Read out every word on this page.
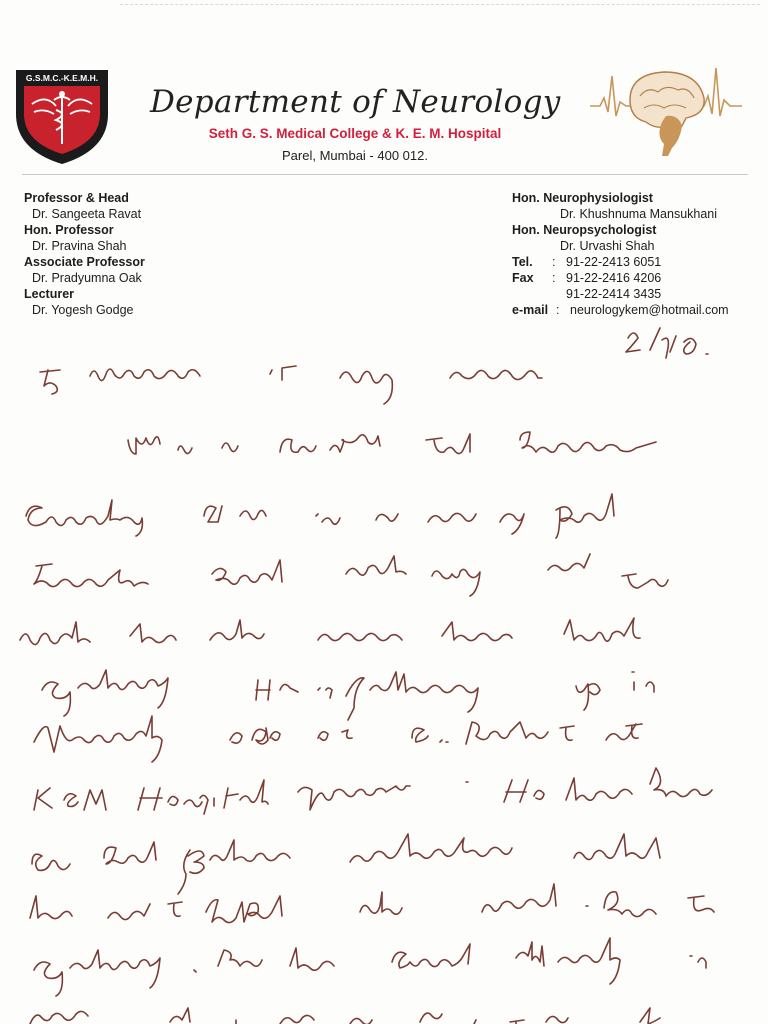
G.S.M.C.-K.E.M.H.
Department of Neurology
Seth G. S. Medical College & K. E. M. Hospital
Parel, Mumbai - 400 012.
Professor & Head
Dr. Sangeeta Ravat
Hon. Professor
Dr. Pravina Shah
Associate Professor
Dr. Pradyumna Oak
Lecturer
Dr. Yogesh Godge
Hon. Neurophysiologist
Dr. Khushnuma Mansukhani
Hon. Neuropsychologist
Dr. Urvashi Shah
Tel.	: 91-22-2413 6051
Fax	: 91-22-2416 4206
91-22-2414 3435
e-mail : neurologykem@hotmail.com
